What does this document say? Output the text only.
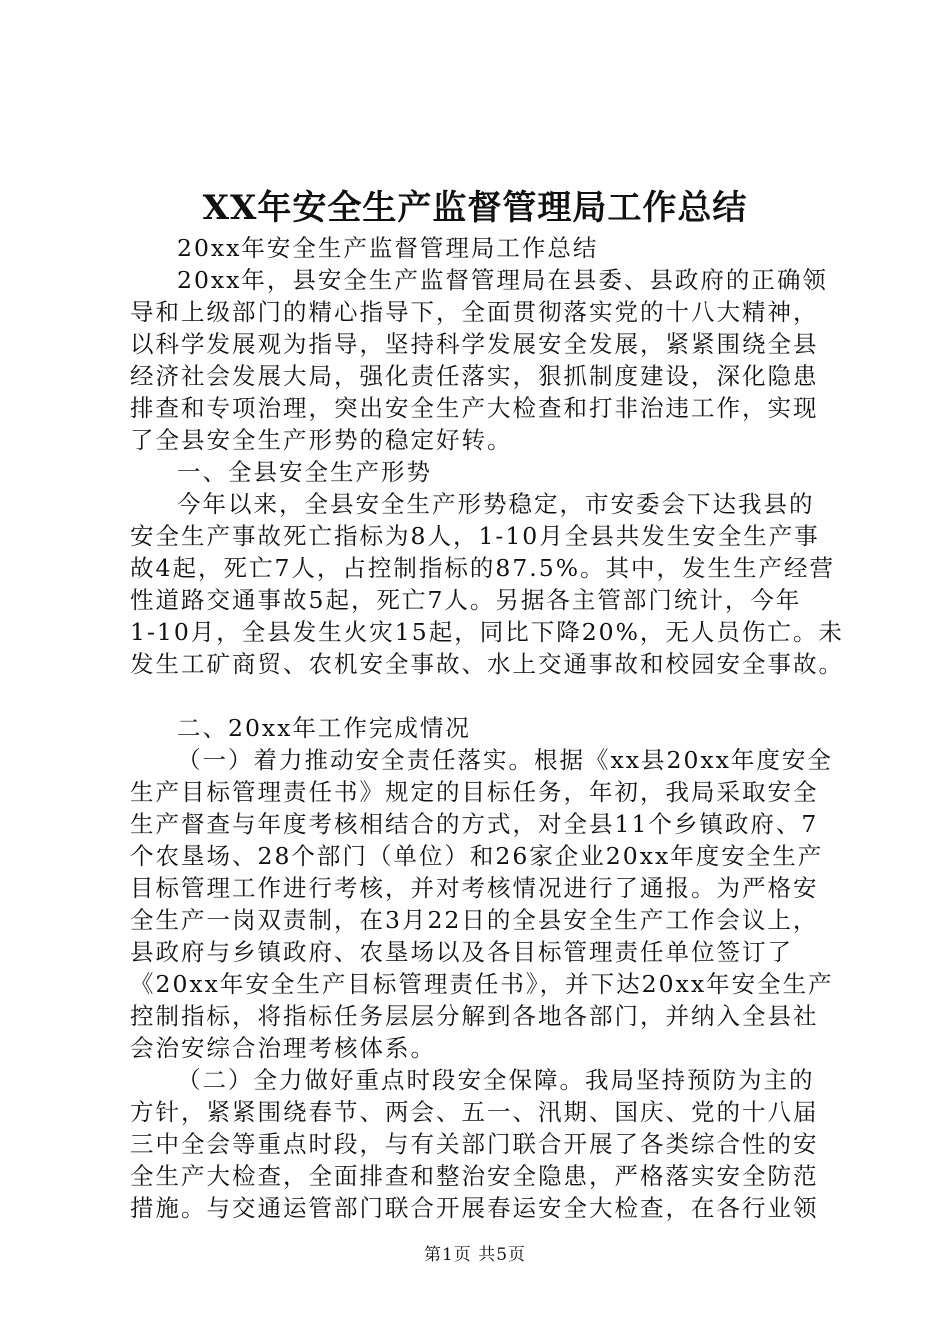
XX年安全生产监督管理局工作总结

20xx年安全生产监督管理局工作总结

20xx年，县安全生产监督管理局在县委、县政府的正确领
导和上级部门的精心指导下，全面贯彻落实党的十八大精神，
以科学发展观为指导，坚持科学发展安全发展，紧紧围绕全县
经济社会发展大局，强化责任落实，狠抓制度建设，深化隐患
排查和专项治理，突出安全生产大检查和打非治违工作，实现
了全县安全生产形势的稳定好转。

一、全县安全生产形势

今年以来，全县安全生产形势稳定，市安委会下达我县的
安全生产事故死亡指标为8人，1-10月全县共发生安全生产事
故4起，死亡7人，占控制指标的87.5%。其中，发生生产经营
性道路交通事故5起，死亡7人。另据各主管部门统计，今年
1-10月，全县发生火灾15起，同比下降20%，无人员伤亡。未
发生工矿商贸、农机安全事故、水上交通事故和校园安全事故。

二、20xx年工作完成情况

（一）着力推动安全责任落实。根据《xx县20xx年度安全
生产目标管理责任书》规定的目标任务，年初，我局采取安全
生产督查与年度考核相结合的方式，对全县11个乡镇政府、7
个农垦场、28个部门（单位）和26家企业20xx年度安全生产
目标管理工作进行考核，并对考核情况进行了通报。为严格安
全生产一岗双责制，在3月22日的全县安全生产工作会议上，
县政府与乡镇政府、农垦场以及各目标管理责任单位签订了
《20xx年安全生产目标管理责任书》，并下达20xx年安全生产
控制指标，将指标任务层层分解到各地各部门，并纳入全县社
会治安综合治理考核体系。

（二）全力做好重点时段安全保障。我局坚持预防为主的
方针，紧紧围绕春节、两会、五一、汛期、国庆、党的十八届
三中全会等重点时段，与有关部门联合开展了各类综合性的安
全生产大检查，全面排查和整治安全隐患，严格落实安全防范
措施。与交通运管部门联合开展春运安全大检查，在各行业领

第1页 共5页
